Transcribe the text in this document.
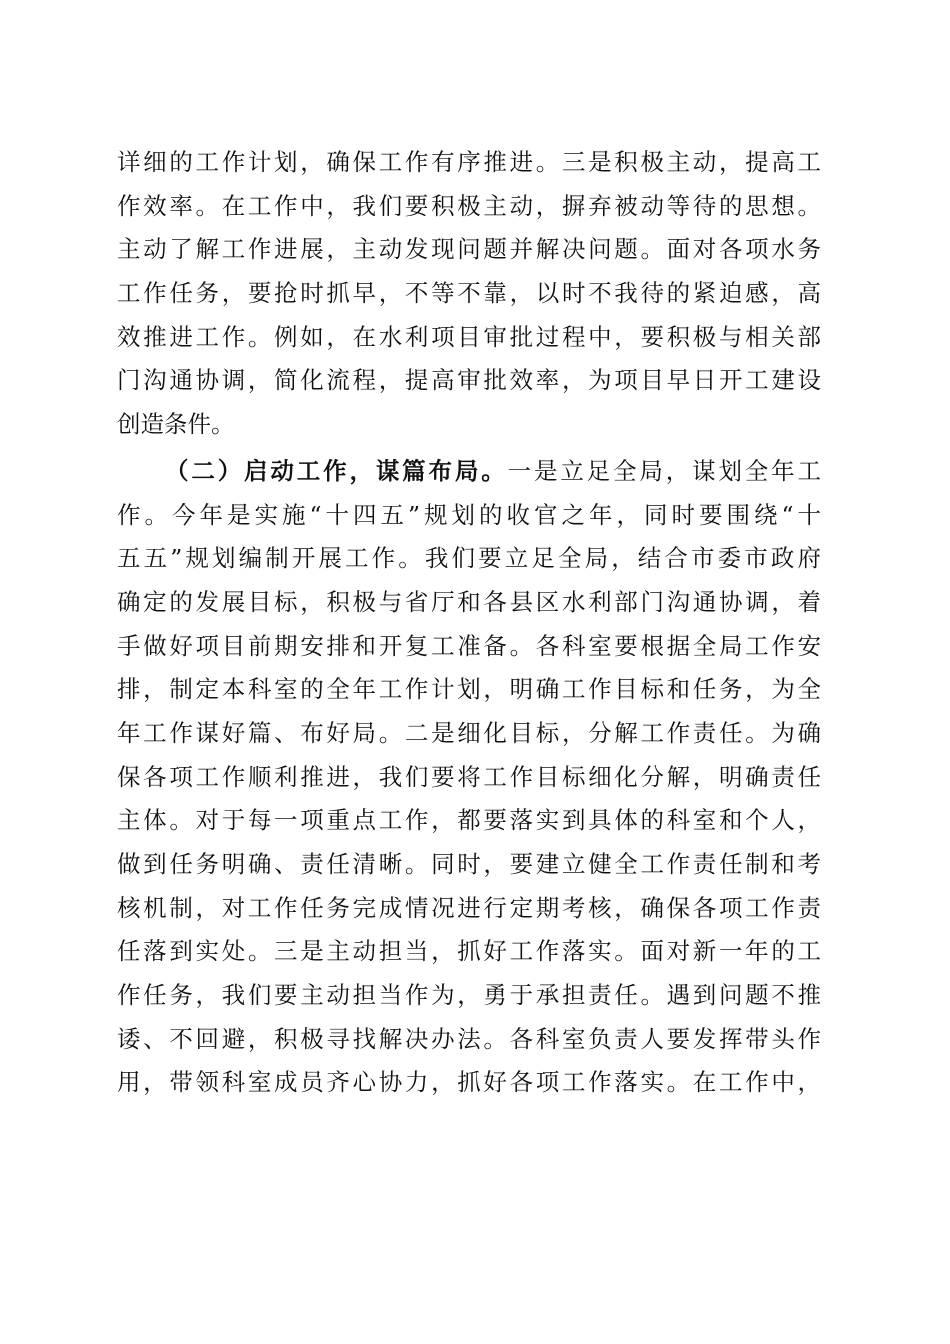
详细的工作计划，确保工作有序推进。三是积极主动，提高工
作效率。在工作中，我们要积极主动，摒弃被动等待的思想。
主动了解工作进展，主动发现问题并解决问题。面对各项水务
工作任务，要抢时抓早，不等不靠，以时不我待的紧迫感，高
效推进工作。例如，在水利项目审批过程中，要积极与相关部
门沟通协调，简化流程，提高审批效率，为项目早日开工建设
创造条件。
（二）启动工作，谋篇布局。一是立足全局，谋划全年工
作。今年是实施“十四五”规划的收官之年，同时要围绕“十
五五”规划编制开展工作。我们要立足全局，结合市委市政府
确定的发展目标，积极与省厅和各县区水利部门沟通协调，着
手做好项目前期安排和开复工准备。各科室要根据全局工作安
排，制定本科室的全年工作计划，明确工作目标和任务，为全
年工作谋好篇、布好局。二是细化目标，分解工作责任。为确
保各项工作顺利推进，我们要将工作目标细化分解，明确责任
主体。对于每一项重点工作，都要落实到具体的科室和个人，
做到任务明确、责任清晰。同时，要建立健全工作责任制和考
核机制，对工作任务完成情况进行定期考核，确保各项工作责
任落到实处。三是主动担当，抓好工作落实。面对新一年的工
作任务，我们要主动担当作为，勇于承担责任。遇到问题不推
诿、不回避，积极寻找解决办法。各科室负责人要发挥带头作
用，带领科室成员齐心协力，抓好各项工作落实。在工作中，
